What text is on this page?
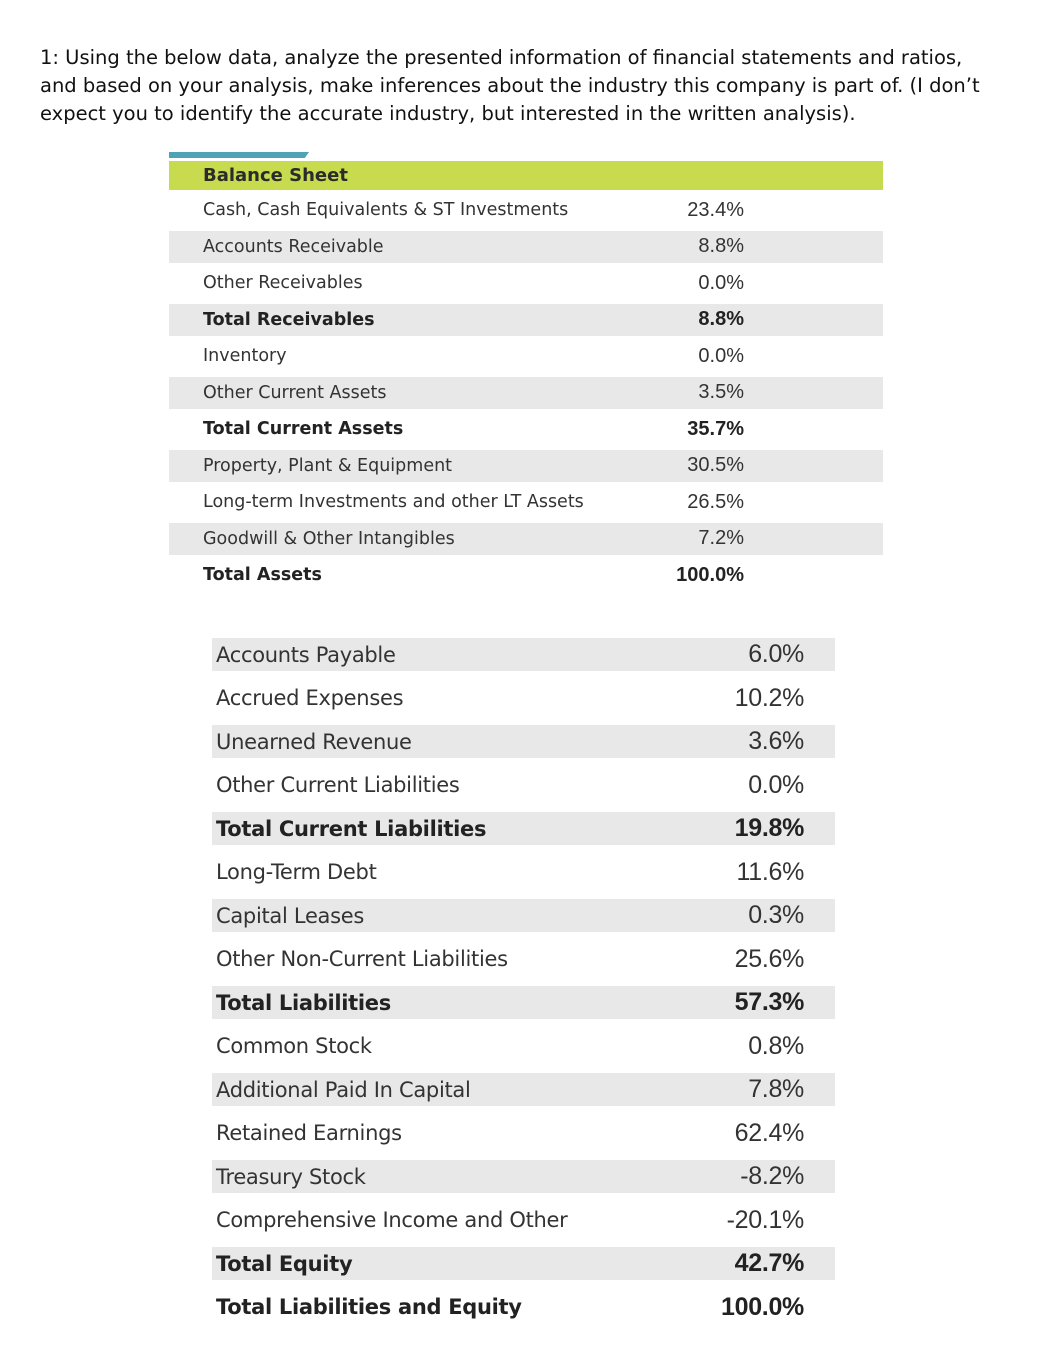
1: Using the below data, analyze the presented information of financial statements and ratios, and based on your analysis, make inferences about the industry this company is part of. (I don’t expect you to identify the accurate industry, but interested in the written analysis).

Balance Sheet
Cash, Cash Equivalents & ST Investments	23.4%
Accounts Receivable	8.8%
Other Receivables	0.0%
Total Receivables	8.8%
Inventory	0.0%
Other Current Assets	3.5%
Total Current Assets	35.7%
Property, Plant & Equipment	30.5%
Long-term Investments and other LT Assets	26.5%
Goodwill & Other Intangibles	7.2%
Total Assets	100.0%
Accounts Payable	6.0%
Accrued Expenses	10.2%
Unearned Revenue	3.6%
Other Current Liabilities	0.0%
Total Current Liabilities	19.8%
Long-Term Debt	11.6%
Capital Leases	0.3%
Other Non-Current Liabilities	25.6%
Total Liabilities	57.3%
Common Stock	0.8%
Additional Paid In Capital	7.8%
Retained Earnings	62.4%
Treasury Stock	-8.2%
Comprehensive Income and Other	-20.1%
Total Equity	42.7%
Total Liabilities and Equity	100.0%
